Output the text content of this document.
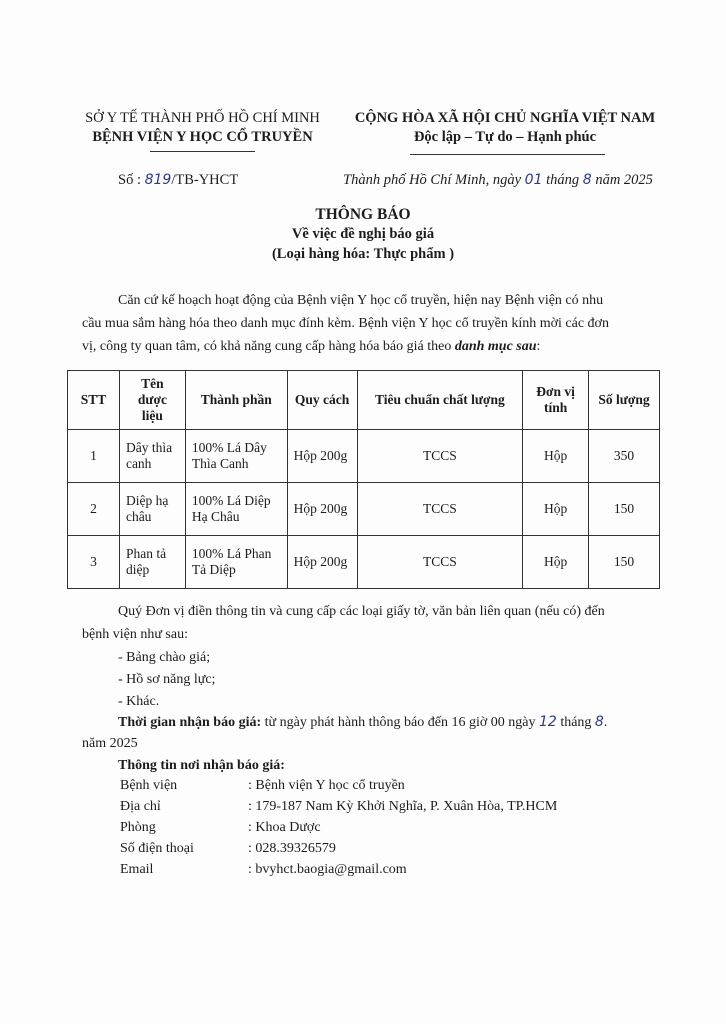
SỞ Y TẾ THÀNH PHỐ HỒ CHÍ MINH
BỆNH VIỆN Y HỌC CỔ TRUYỀN
CỘNG HÒA XÃ HỘI CHỦ NGHĨA VIỆT NAM
Độc lập – Tự do – Hạnh phúc
Số : 819/TB-YHCT	Thành phố Hồ Chí Minh, ngày 01 tháng 8 năm 2025
THÔNG BÁO
Về việc đề nghị báo giá
(Loại hàng hóa: Thực phẩm )
Căn cứ kế hoạch hoạt động của Bệnh viện Y học cổ truyền, hiện nay Bệnh viện có nhu
cầu mua sắm hàng hóa theo danh mục đính kèm. Bệnh viện Y học cổ truyền kính mời các đơn
vị, công ty quan tâm, có khả năng cung cấp hàng hóa báo giá theo danh mục sau:
STT	Tên dược liệu	Thành phần	Quy cách	Tiêu chuẩn chất lượng	Đơn vị tính	Số lượng
1	Dây thìa canh	100% Lá Dây Thìa Canh	Hộp 200g	TCCS	Hộp	350
2	Diệp hạ châu	100% Lá Diệp Hạ Châu	Hộp 200g	TCCS	Hộp	150
3	Phan tả diệp	100% Lá Phan Tả Diệp	Hộp 200g	TCCS	Hộp	150
Quý Đơn vị điền thông tin và cung cấp các loại giấy tờ, văn bản liên quan (nếu có) đến
bệnh viện như sau:
- Bảng chào giá;
- Hồ sơ năng lực;
- Khác.
Thời gian nhận báo giá: từ ngày phát hành thông báo đến 16 giờ 00 ngày 12 tháng 8.
năm 2025
Thông tin nơi nhận báo giá:
Bệnh viện	: Bệnh viện Y học cổ truyền
Địa chỉ	: 179-187 Nam Kỳ Khởi Nghĩa, P. Xuân Hòa, TP.HCM
Phòng	: Khoa Dược
Số điện thoại	: 028.39326579
Email	: bvyhct.baogia@gmail.com
